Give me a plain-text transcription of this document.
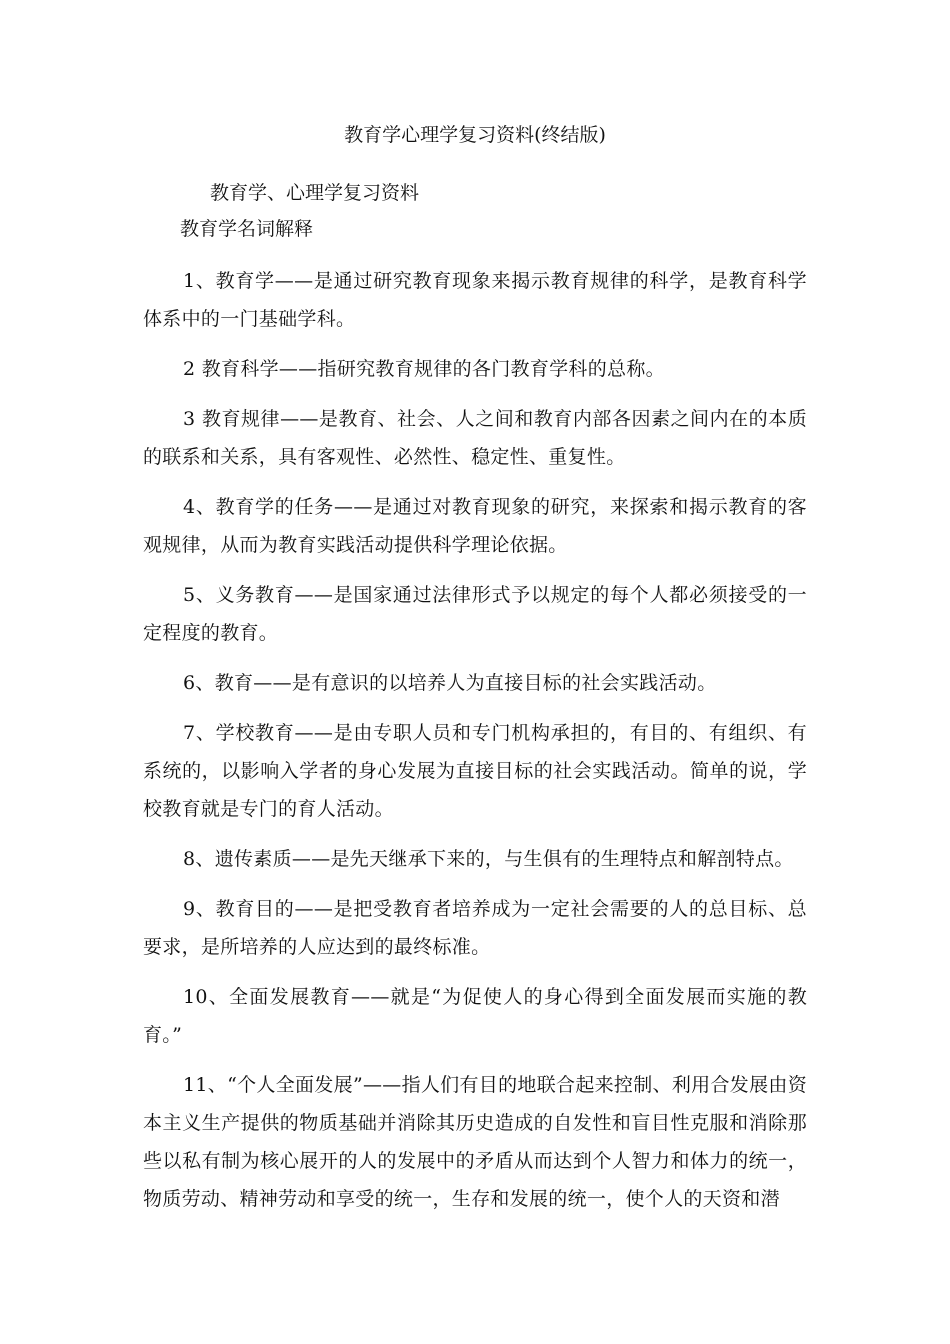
教育学心理学复习资料(终结版)
教育学、心理学复习资料
教育学名词解释

1、教育学——是通过研究教育现象来揭示教育规律的科学，是教育科学体系中的一门基础学科。

2 教育科学——指研究教育规律的各门教育学科的总称。

3 教育规律——是教育、社会、人之间和教育内部各因素之间内在的本质的联系和关系，具有客观性、必然性、稳定性、重复性。

4、教育学的任务——是通过对教育现象的研究，来探索和揭示教育的客观规律，从而为教育实践活动提供科学理论依据。

5、义务教育——是国家通过法律形式予以规定的每个人都必须接受的一定程度的教育。

6、教育——是有意识的以培养人为直接目标的社会实践活动。

7、学校教育——是由专职人员和专门机构承担的，有目的、有组织、有系统的，以影响入学者的身心发展为直接目标的社会实践活动。简单的说，学校教育就是专门的育人活动。

8、遗传素质——是先天继承下来的，与生俱有的生理特点和解剖特点。

9、教育目的——是把受教育者培养成为一定社会需要的人的总目标、总要求，是所培养的人应达到的最终标准。

10、全面发展教育——就是“为促使人的身心得到全面发展而实施的教育。”

11、“个人全面发展”——指人们有目的地联合起来控制、利用合发展由资本主义生产提供的物质基础并消除其历史造成的自发性和盲目性克服和消除那些以私有制为核心展开的人的发展中的矛盾从而达到个人智力和体力的统一，物质劳动、精神劳动和享受的统一，生存和发展的统一，使个人的天资和潜
